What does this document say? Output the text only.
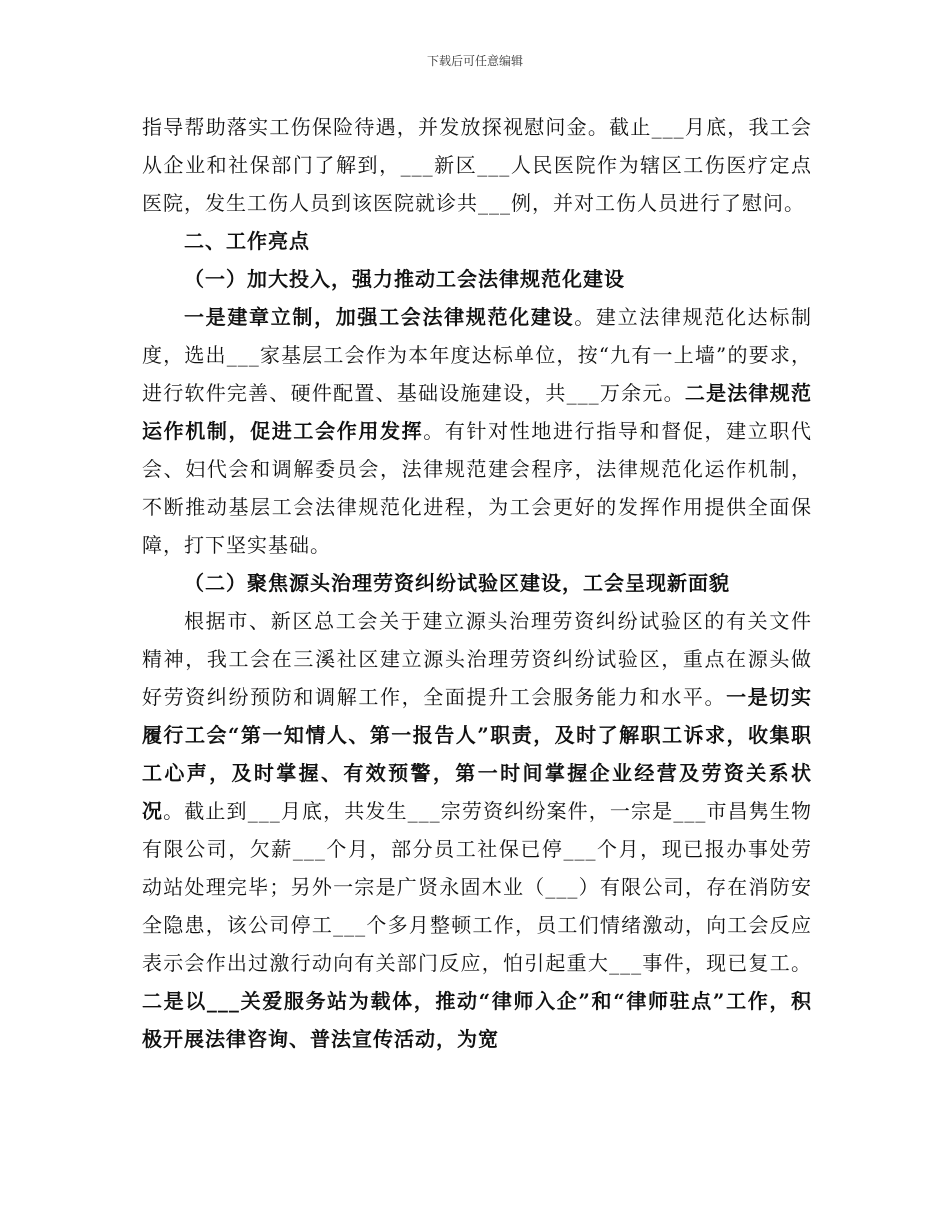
下载后可任意编辑

指导帮助落实工伤保险待遇，并发放探视慰问金。截止___月底，我工会从企业和社保部门了解到，___新区___人民医院作为辖区工伤医疗定点医院，发生工伤人员到该医院就诊共___例，并对工伤人员进行了慰问。

二、工作亮点

（一）加大投入，强力推动工会法律规范化建设

一是建章立制，加强工会法律规范化建设。建立法律规范化达标制度，选出___家基层工会作为本年度达标单位，按“九有一上墙”的要求，进行软件完善、硬件配置、基础设施建设，共___万余元。二是法律规范运作机制，促进工会作用发挥。有针对性地进行指导和督促，建立职代会、妇代会和调解委员会，法律规范建会程序，法律规范化运作机制，不断推动基层工会法律规范化进程，为工会更好的发挥作用提供全面保障，打下坚实基础。

（二）聚焦源头治理劳资纠纷试验区建设，工会呈现新面貌

根据市、新区总工会关于建立源头治理劳资纠纷试验区的有关文件精神，我工会在三溪社区建立源头治理劳资纠纷试验区，重点在源头做好劳资纠纷预防和调解工作，全面提升工会服务能力和水平。一是切实履行工会“第一知情人、第一报告人”职责，及时了解职工诉求，收集职工心声，及时掌握、有效预警，第一时间掌握企业经营及劳资关系状况。截止到___月底，共发生___宗劳资纠纷案件，一宗是___市昌隽生物有限公司，欠薪___个月，部分员工社保已停___个月，现已报办事处劳动站处理完毕；另外一宗是广贤永固木业（___）有限公司，存在消防安全隐患，该公司停工___个多月整顿工作，员工们情绪激动，向工会反应表示会作出过激行动向有关部门反应，怕引起重大___事件，现已复工。二是以___关爱服务站为载体，推动“律师入企”和“律师驻点”工作，积极开展法律咨询、普法宣传活动，为宽
